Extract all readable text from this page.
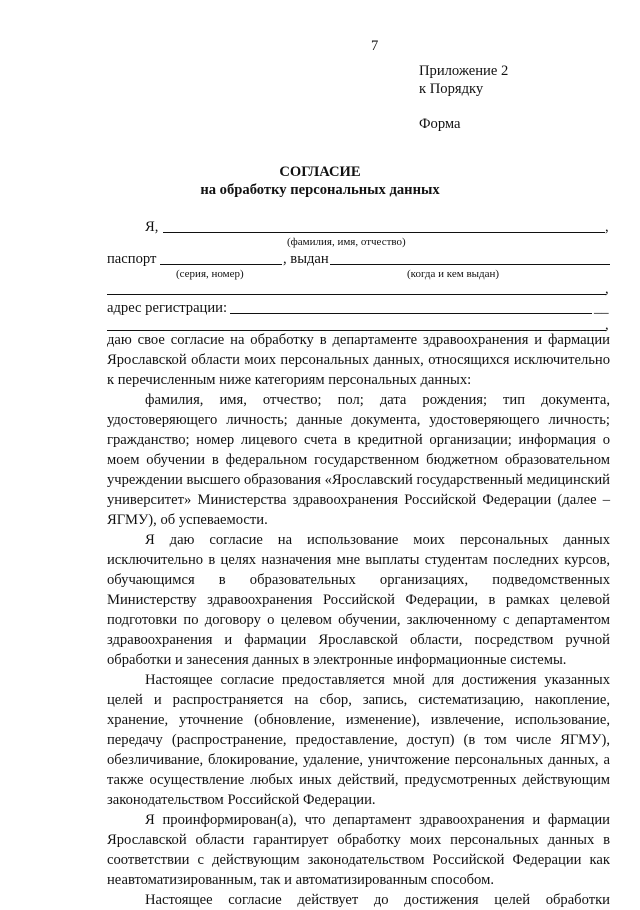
7
Приложение 2
к Порядку
Форма
СОГЛАСИЕ
на обработку персональных данных
Я,	,
(фамилия, имя, отчество)
паспорт	, выдан
(серия, номер)	(когда и кем выдан)
,
адрес регистрации:	__
,

даю свое согласие на обработку в департаменте здравоохранения и фармации Ярославской области моих персональных данных, относящихся исключительно к перечисленным ниже категориям персональных данных:

фамилия, имя, отчество; пол; дата рождения; тип документа, удостоверяющего личность; данные документа, удостоверяющего личность; гражданство; номер лицевого счета в кредитной организации; информация о моем обучении в федеральном государственном бюджетном образовательном учреждении высшего образования «Ярославский государственный медицинский университет» Министерства здравоохранения Российской Федерации (далее – ЯГМУ), об успеваемости.

Я даю согласие на использование моих персональных данных исключительно в целях назначения мне выплаты студентам последних курсов, обучающимся в образовательных организациях, подведомственных Министерству здравоохранения Российской Федерации, в рамках целевой подготовки по договору о целевом обучении, заключенному с департаментом здравоохранения и фармации Ярославской области, посредством ручной обработки и занесения данных в электронные информационные системы.

Настоящее согласие предоставляется мной для достижения указанных целей и распространяется на сбор, запись, систематизацию, накопление, хранение, уточнение (обновление, изменение), извлечение, использование, передачу (распространение, предоставление, доступ) (в том числе ЯГМУ), обезличивание, блокирование, удаление, уничтожение персональных данных, а также осуществление любых иных действий, предусмотренных действующим законодательством Российской Федерации.

Я проинформирован(а), что департамент здравоохранения и фармации Ярославской области гарантирует обработку моих персональных данных в соответствии с действующим законодательством Российской Федерации как неавтоматизированным, так и автоматизированным способом.

Настоящее согласие действует до достижения целей обработки
